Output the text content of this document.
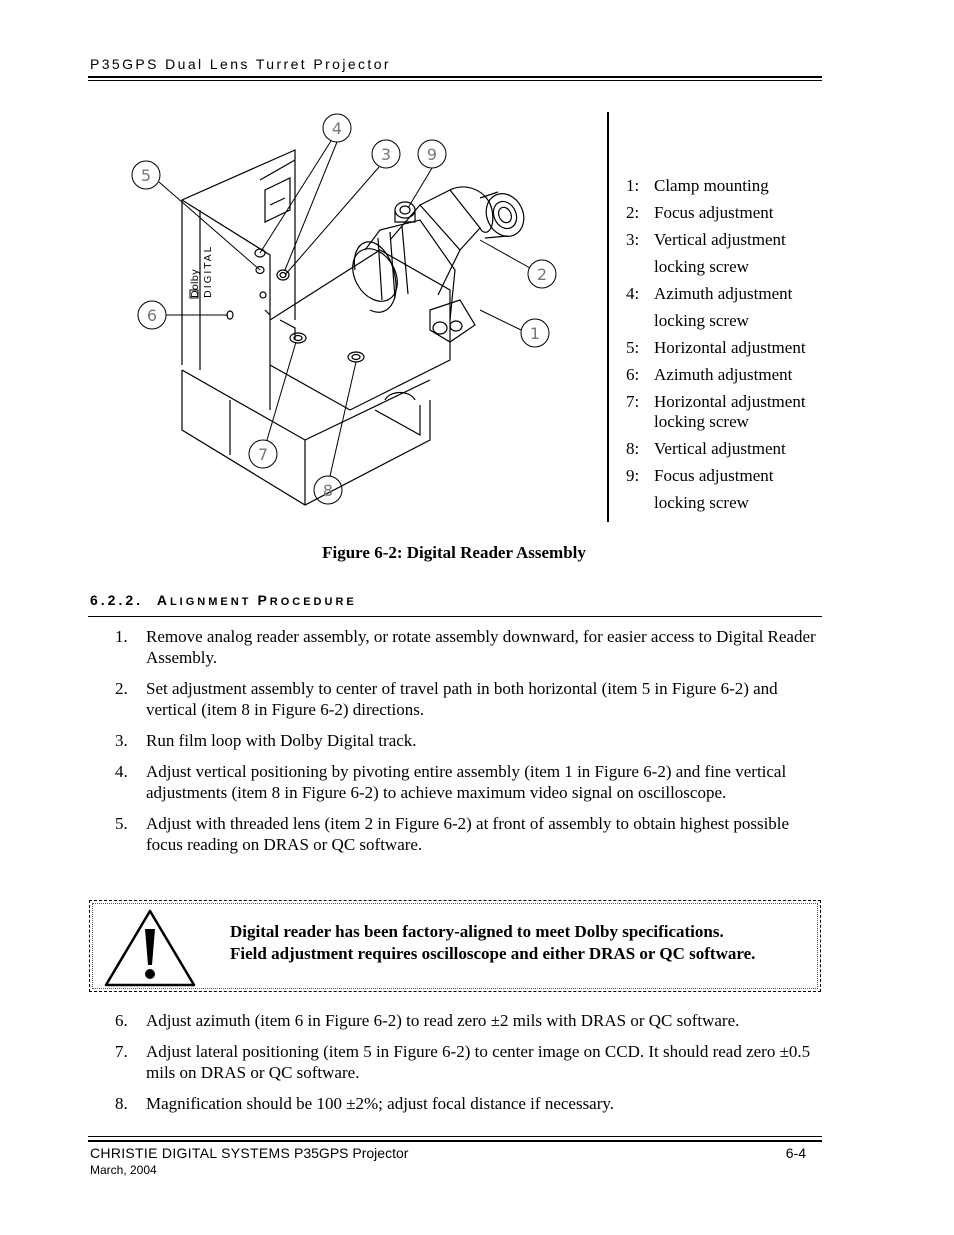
P35GPS Dual Lens Turret Projector
4
5
3 9
2
6
1
7
8
Dolby DIGITAL
1: Clamp mounting
2: Focus adjustment
3: Vertical adjustment
locking screw
4: Azimuth adjustment
locking screw
5: Horizontal adjustment
6: Azimuth adjustment
7: Horizontal adjustment
locking screw
8: Vertical adjustment
9: Focus adjustment
locking screw
Figure 6-2: Digital Reader Assembly
6.2.2. ALIGNMENT PROCEDURE
1. Remove analog reader assembly, or rotate assembly downward, for easier access to Digital Reader Assembly.
2. Set adjustment assembly to center of travel path in both horizontal (item 5 in Figure 6-2) and vertical (item 8 in Figure 6-2) directions.
3. Run film loop with Dolby Digital track.
4. Adjust vertical positioning by pivoting entire assembly (item 1 in Figure 6-2) and fine vertical adjustments (item 8 in Figure 6-2) to achieve maximum video signal on oscilloscope.
5. Adjust with threaded lens (item 2 in Figure 6-2) at front of assembly to obtain highest possible focus reading on DRAS or QC software.
Digital reader has been factory-aligned to meet Dolby specifications.
Field adjustment requires oscilloscope and either DRAS or QC software.
6. Adjust azimuth (item 6 in Figure 6-2) to read zero ±2 mils with DRAS or QC software.
7. Adjust lateral positioning (item 5 in Figure 6-2) to center image on CCD. It should read zero ±0.5 mils on DRAS or QC software.
8. Magnification should be 100 ±2%; adjust focal distance if necessary.
CHRISTIE DIGITAL SYSTEMS P35GPS Projector
March, 2004
6-4
